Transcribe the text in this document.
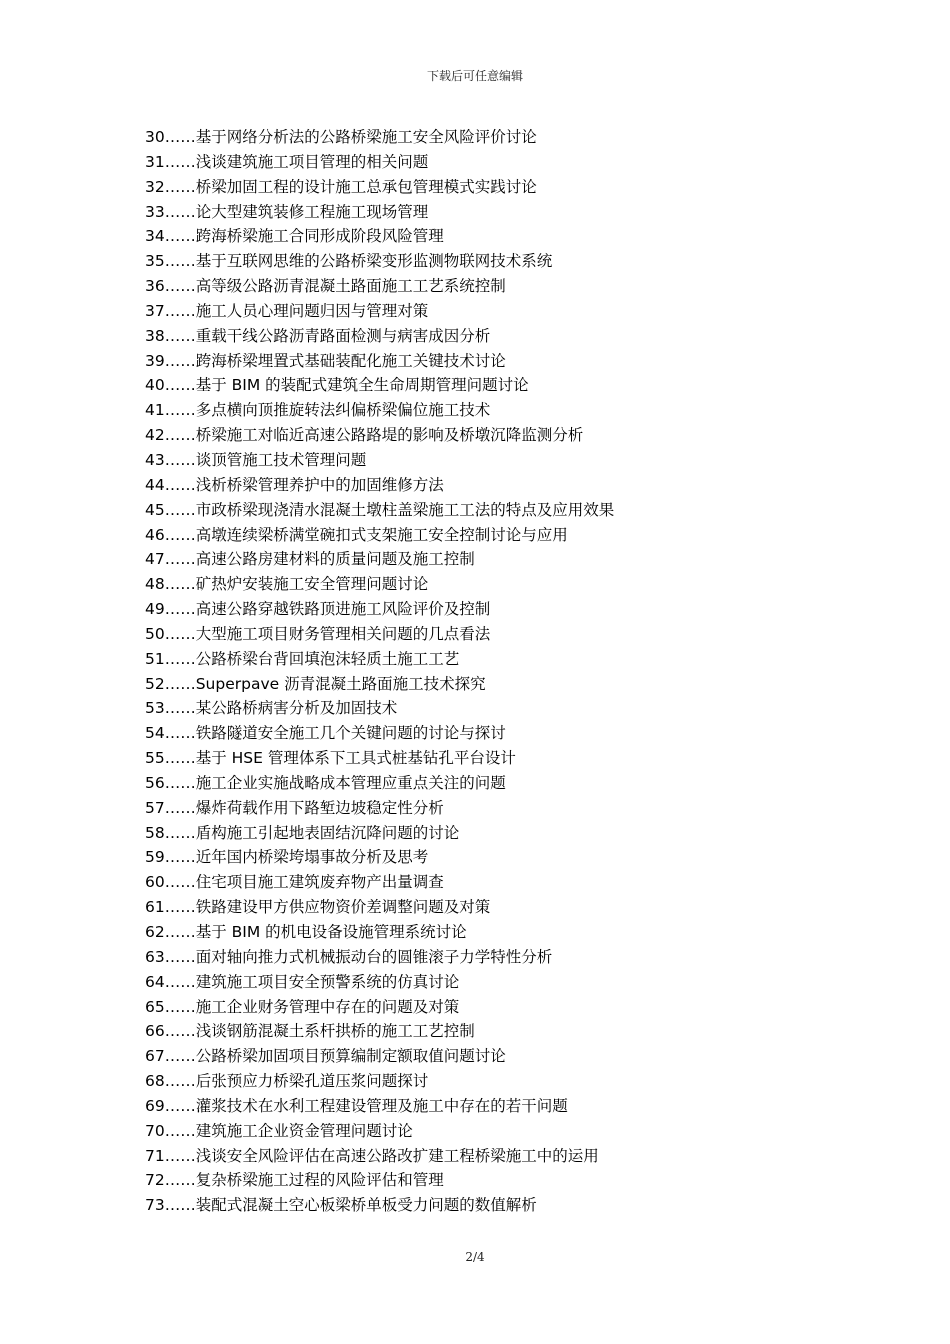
下载后可任意编辑
30……基于网络分析法的公路桥梁施工安全风险评价讨论
31……浅谈建筑施工项目管理的相关问题
32……桥梁加固工程的设计施工总承包管理模式实践讨论
33……论大型建筑装修工程施工现场管理
34……跨海桥梁施工合同形成阶段风险管理
35……基于互联网思维的公路桥梁变形监测物联网技术系统
36……高等级公路沥青混凝土路面施工工艺系统控制
37……施工人员心理问题归因与管理对策
38……重载干线公路沥青路面检测与病害成因分析
39……跨海桥梁埋置式基础装配化施工关键技术讨论
40……基于 BIM 的装配式建筑全生命周期管理问题讨论
41……多点横向顶推旋转法纠偏桥梁偏位施工技术
42……桥梁施工对临近高速公路路堤的影响及桥墩沉降监测分析
43……谈顶管施工技术管理问题
44……浅析桥梁管理养护中的加固维修方法
45……市政桥梁现浇清水混凝土墩柱盖梁施工工法的特点及应用效果
46……高墩连续梁桥满堂碗扣式支架施工安全控制讨论与应用
47……高速公路房建材料的质量问题及施工控制
48……矿热炉安装施工安全管理问题讨论
49……高速公路穿越铁路顶进施工风险评价及控制
50……大型施工项目财务管理相关问题的几点看法
51……公路桥梁台背回填泡沫轻质土施工工艺
52……Superpave 沥青混凝土路面施工技术探究
53……某公路桥病害分析及加固技术
54……铁路隧道安全施工几个关键问题的讨论与探讨
55……基于 HSE 管理体系下工具式桩基钻孔平台设计
56……施工企业实施战略成本管理应重点关注的问题
57……爆炸荷载作用下路堑边坡稳定性分析
58……盾构施工引起地表固结沉降问题的讨论
59……近年国内桥梁垮塌事故分析及思考
60……住宅项目施工建筑废弃物产出量调查
61……铁路建设甲方供应物资价差调整问题及对策
62……基于 BIM 的机电设备设施管理系统讨论
63……面对轴向推力式机械振动台的圆锥滚子力学特性分析
64……建筑施工项目安全预警系统的仿真讨论
65……施工企业财务管理中存在的问题及对策
66……浅谈钢筋混凝土系杆拱桥的施工工艺控制
67……公路桥梁加固项目预算编制定额取值问题讨论
68……后张预应力桥梁孔道压浆问题探讨
69……灌浆技术在水利工程建设管理及施工中存在的若干问题
70……建筑施工企业资金管理问题讨论
71……浅谈安全风险评估在高速公路改扩建工程桥梁施工中的运用
72……复杂桥梁施工过程的风险评估和管理
73……装配式混凝土空心板梁桥单板受力问题的数值解析
2/4
